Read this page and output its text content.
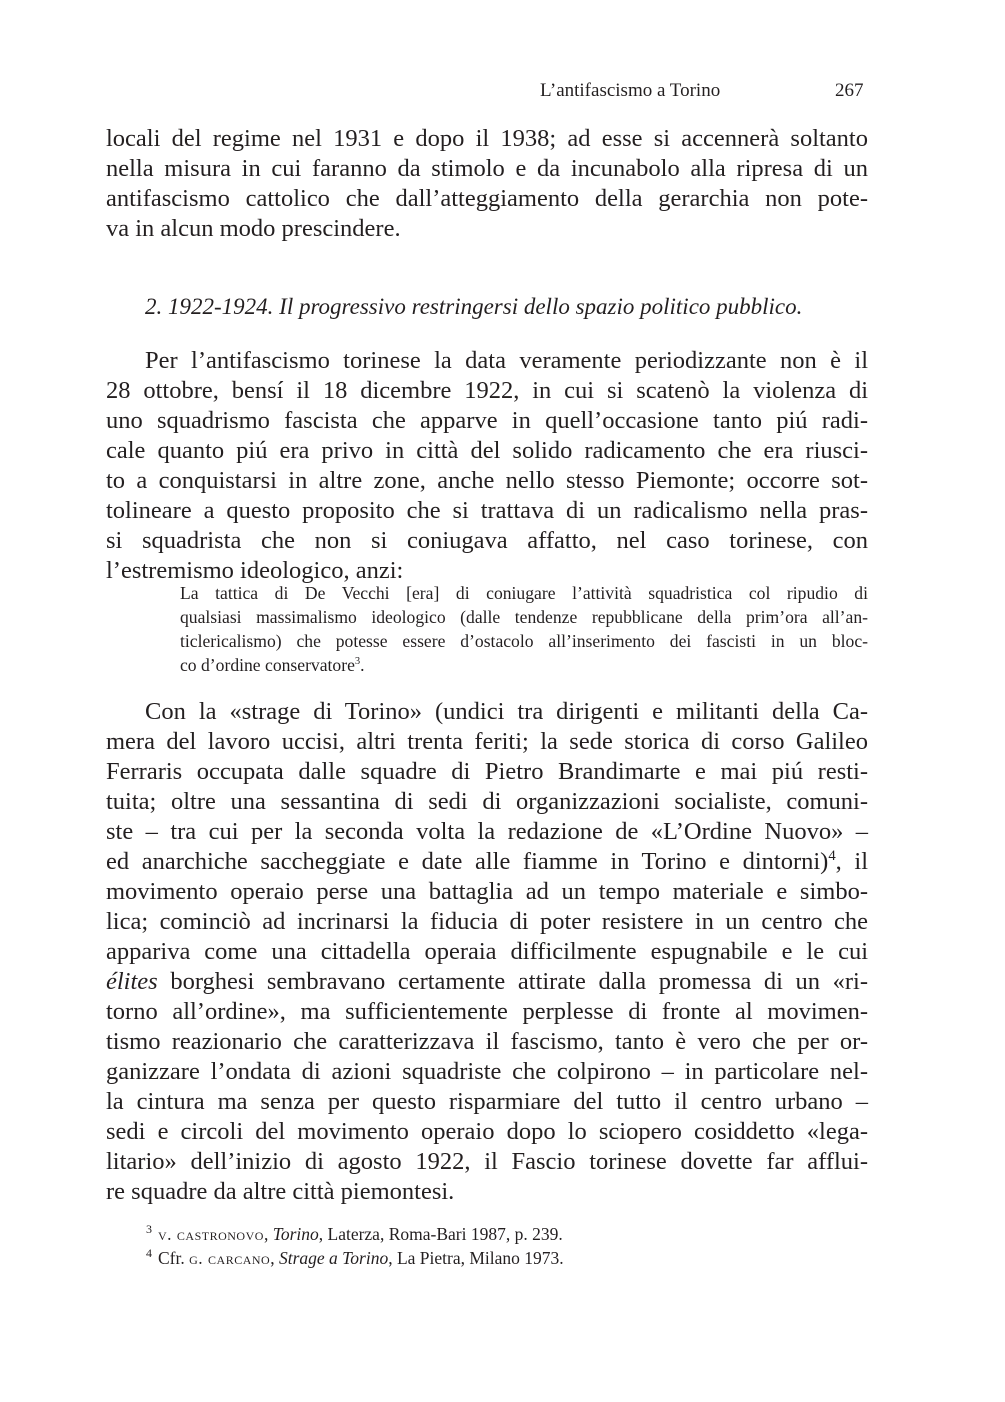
L’antifascismo a Torino	267
locali del regime nel 1931 e dopo il 1938; ad esse si accennerà soltanto
nella misura in cui faranno da stimolo e da incunabolo alla ripresa di un
antifascismo cattolico che dall’atteggiamento della gerarchia non pote-
va in alcun modo prescindere.
2. 1922-1924. Il progressivo restringersi dello spazio politico pubblico.
Per l’antifascismo torinese la data veramente periodizzante non è il
28 ottobre, bensí il 18 dicembre 1922, in cui si scatenò la violenza di
uno squadrismo fascista che apparve in quell’occasione tanto piú radi-
cale quanto piú era privo in città del solido radicamento che era riusci-
to a conquistarsi in altre zone, anche nello stesso Piemonte; occorre sot-
tolineare a questo proposito che si trattava di un radicalismo nella pras-
si squadrista che non si coniugava affatto, nel caso torinese, con
l’estremismo ideologico, anzi:
La tattica di De Vecchi [era] di coniugare l’attività squadristica col ripudio di
qualsiasi massimalismo ideologico (dalle tendenze repubblicane della prim’ora all’an-
ticlericalismo) che potesse essere d’ostacolo all’inserimento dei fascisti in un bloc-
co d’ordine conservatore$^3$.
Con la «strage di Torino» (undici tra dirigenti e militanti della Ca-
mera del lavoro uccisi, altri trenta feriti; la sede storica di corso Galileo
Ferraris occupata dalle squadre di Pietro Brandimarte e mai piú resti-
tuita; oltre una sessantina di sedi di organizzazioni socialiste, comuni-
ste – tra cui per la seconda volta la redazione de «L’Ordine Nuovo» –
ed anarchiche saccheggiate e date alle fiamme in Torino e dintorni)$^4$, il
movimento operaio perse una battaglia ad un tempo materiale e simbo-
lica; cominciò ad incrinarsi la fiducia di poter resistere in un centro che
appariva come una cittadella operaia difficilmente espugnabile e le cui
élites borghesi sembravano certamente attirate dalla promessa di un «ri-
torno all’ordine», ma sufficientemente perplesse di fronte al movimen-
tismo reazionario che caratterizzava il fascismo, tanto è vero che per or-
ganizzare l’ondata di azioni squadriste che colpirono – in particolare nel-
la cintura ma senza per questo risparmiare del tutto il centro urbano –
sedi e circoli del movimento operaio dopo lo sciopero cosiddetto «lega-
litario» dell’inizio di agosto 1922, il Fascio torinese dovette far afflui-
re squadre da altre città piemontesi.
$^3$ v. castronovo, Torino, Laterza, Roma-Bari 1987, p. 239.
$^4$ Cfr. g. carcano, Strage a Torino, La Pietra, Milano 1973.
